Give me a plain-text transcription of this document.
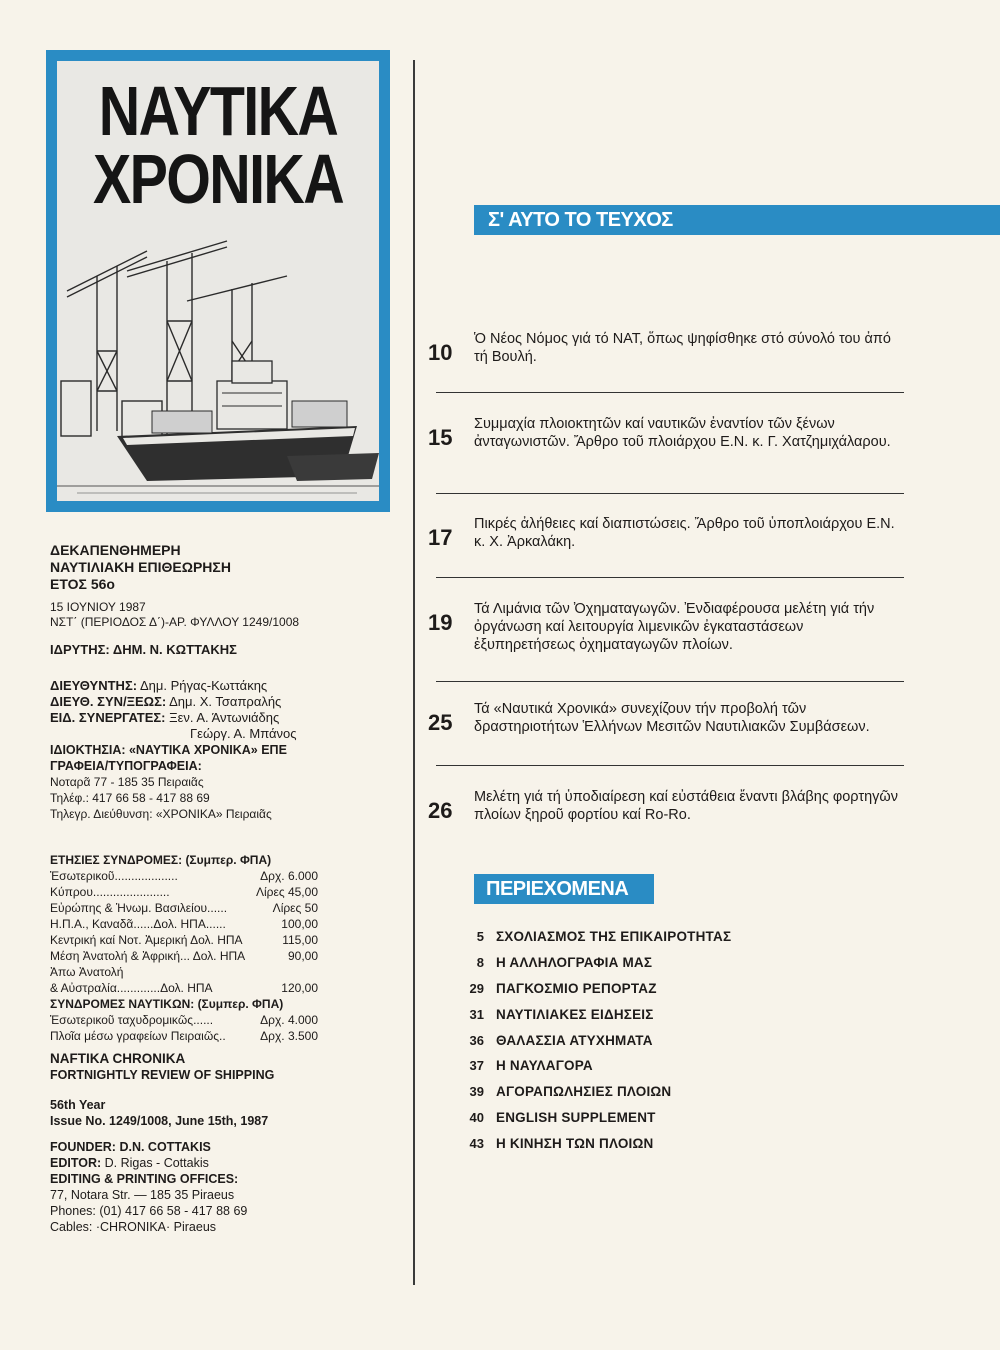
ΝΑΥΤΙΚΑ
ΧΡΟΝΙΚΑ
ΔΕΚΑΠΕΝΘΗΜΕΡΗ
ΝΑΥΤΙΛΙΑΚΗ ΕΠΙΘΕΩΡΗΣΗ
ΕΤΟΣ 56ο
15 ΙΟΥΝΙΟΥ 1987
ΝΣΤ΄ (ΠΕΡΙΟΔΟΣ Δ΄)-ΑΡ. ΦΥΛΛΟΥ 1249/1008
ΙΔΡΥΤΗΣ: ΔΗΜ. Ν. ΚΩΤΤΑΚΗΣ
ΔΙΕΥΘΥΝΤΗΣ: Δημ. Ρήγας-Κωττάκης
ΔΙΕΥΘ. ΣΥΝ/ΞΕΩΣ: Δημ. Χ. Τσαπραλής
ΕΙΔ. ΣΥΝΕΡΓΑΤΕΣ: Ξεν. Α. Άντωνιάδης
Γεώργ. Α. Μπάνος
ΙΔΙΟΚΤΗΣΙΑ: «ΝΑΥΤΙΚΑ ΧΡΟΝΙΚΑ» ΕΠΕ
ΓΡΑΦΕΙΑ/ΤΥΠΟΓΡΑΦΕΙΑ:
Νοταρᾶ 77 - 185 35 Πειραιᾶς
Τηλέφ.: 417 66 58 - 417 88 69
Τηλεγρ. Διεύθυνση: «ΧΡΟΝΙΚΑ» Πειραιᾶς
ΕΤΗΣΙΕΣ ΣΥΝΔΡΟΜΕΣ: (Συμπερ. ΦΠΑ)
Ἐσωτερικοῦ...................	Δρχ. 6.000
Κύπρου.......................	Λίρες 45,00
Εὐρώπης & Ἡνωμ. Βασιλείου......	Λίρες 50
Η.Π.Α., Καναδᾶ......Δολ. ΗΠΑ......	100,00
Κεντρική καί Νοτ. Ἀμερική Δολ. ΗΠΑ	115,00
Μέση Ἀνατολή & Ἀφρική... Δολ. ΗΠΑ	90,00
Ἀπω Ἀνατολή
& Αὐστραλία.............Δολ. ΗΠΑ	120,00
ΣΥΝΔΡΟΜΕΣ ΝΑΥΤΙΚΩΝ: (Συμπερ. ΦΠΑ)
Ἐσωτερικοῦ ταχυδρομικῶς......	Δρχ. 4.000
Πλοῖα μέσω γραφείων Πειραιῶς..	Δρχ. 3.500
NAFTIKA CHRONIKA
FORTNIGHTLY REVIEW OF SHIPPING
56th Year
Issue No. 1249/1008, June 15th, 1987
FOUNDER: D.N. COTTAKIS
EDITOR: D. Rigas - Cottakis
EDITING & PRINTING OFFICES:
77, Notara Str. — 185 35 Piraeus
Phones: (01) 417 66 58 - 417 88 69
Cables: ·CHRONIKA· Piraeus
Σ' ΑΥΤΟ ΤΟ ΤΕΥΧΟΣ
10
Ὁ Νέος Νόμος γιά τό ΝΑΤ, ὅπως ψηφίσθηκε στό σύνολό του ἀπό τή Βουλή.
15
Συμμαχία πλοιοκτητῶν καί ναυτικῶν ἐναντίον τῶν ξένων ἀνταγωνιστῶν. Ἄρθρο τοῦ πλοιάρχου Ε.Ν. κ. Γ. Χατζημιχάλαρου.
17
Πικρές ἀλήθειες καί διαπιστώσεις. Ἄρθρο τοῦ ὑποπλοιάρχου Ε.Ν. κ. Χ. Ἀρκαλάκη.
19
Τά Λιμάνια τῶν Ὀχηματαγωγῶν. Ἐνδιαφέρουσα μελέτη γιά τήν ὀργάνωση καί λειτουργία λιμενικῶν ἐγκαταστάσεων ἐξυπηρετήσεως ὀχηματαγωγῶν πλοίων.
25
Τά «Ναυτικά Χρονικά» συνεχίζουν τήν προβολή τῶν δραστηριοτήτων Ἑλλήνων Μεσιτῶν Ναυτιλιακῶν Συμβάσεων.
26
Μελέτη γιά τή ὑποδιαίρεση καί εὐστάθεια ἔναντι βλάβης φορτηγῶν πλοίων ξηροῦ φορτίου καί Ro-Ro.
ΠΕΡΙΕΧΟΜΕΝΑ
5 ΣΧΟΛΙΑΣΜΟΣ ΤΗΣ ΕΠΙΚΑΙΡΟΤΗΤΑΣ
8 Η ΑΛΛΗΛΟΓΡΑΦΙΑ ΜΑΣ
29 ΠΑΓΚΟΣΜΙΟ ΡΕΠΟΡΤΑΖ
31 ΝΑΥΤΙΛΙΑΚΕΣ ΕΙΔΗΣΕΙΣ
36 ΘΑΛΑΣΣΙΑ ΑΤΥΧΗΜΑΤΑ
37 Η ΝΑΥΛΑΓΟΡΑ
39 ΑΓΟΡΑΠΩΛΗΣΙΕΣ ΠΛΟΙΩΝ
40 ENGLISH SUPPLEMENT
43 Η ΚΙΝΗΣΗ ΤΩΝ ΠΛΟΙΩΝ
